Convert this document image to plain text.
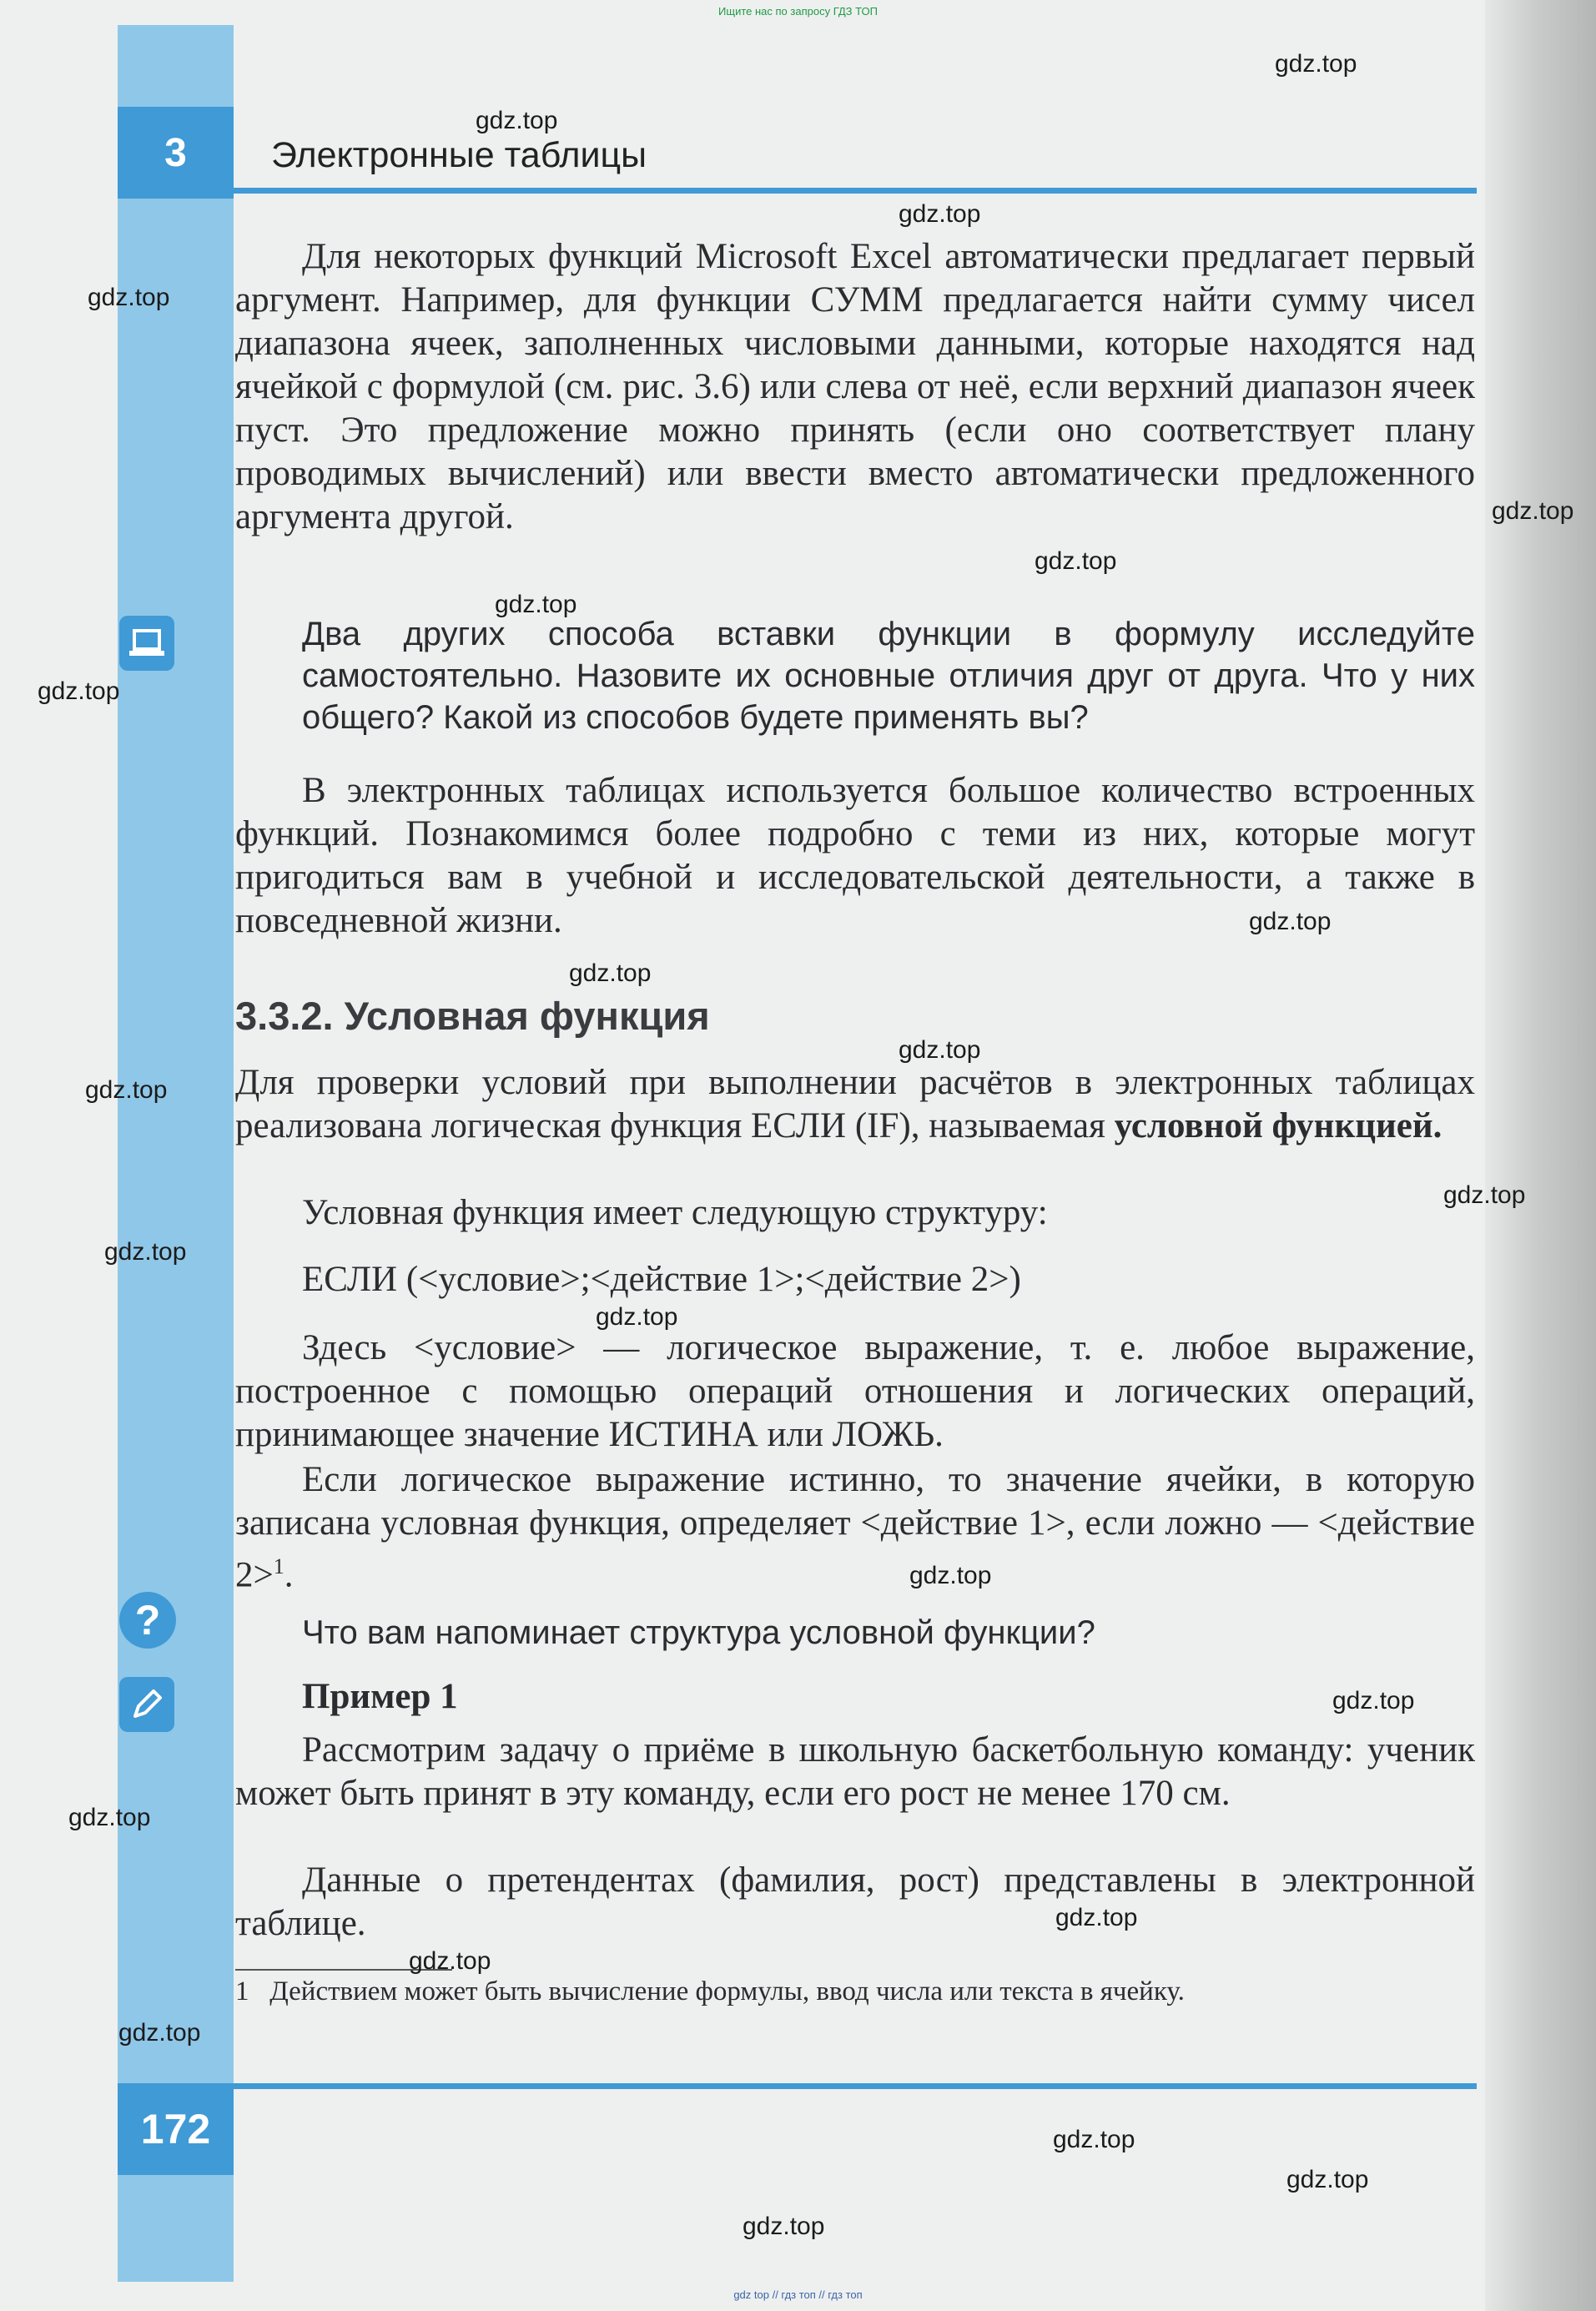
Ищите нас по запросу ГДЗ ТОП
3	Электронные таблицы

Для некоторых функций Microsoft Excel автоматически предлагает первый аргумент. Например, для функции СУММ предлагается найти сумму чисел диапазона ячеек, заполненных числовыми данными, которые находятся над ячейкой с формулой (см. рис. 3.6) или слева от неё, если верхний диапазон ячеек пуст. Это предложение можно принять (если оно соответствует плану проводимых вычислений) или ввести вместо автоматически предложенного аргумента другой.

Два других способа вставки функции в формулу исследуйте самостоятельно. Назовите их основные отличия друг от друга. Что у них общего? Какой из способов будете применять вы?

В электронных таблицах используется большое количество встроенных функций. Познакомимся более подробно с теми из них, которые могут пригодиться вам в учебной и исследовательской деятельности, а также в повседневной жизни.

3.3.2. Условная функция

Для проверки условий при выполнении расчётов в электронных таблицах реализована логическая функция ЕСЛИ (IF), называемая условной функцией.

Условная функция имеет следующую структуру:

ЕСЛИ (<условие>;<действие 1>;<действие 2>)

Здесь <условие> — логическое выражение, т. е. любое выражение, построенное с помощью операций отношения и логических операций, принимающее значение ИСТИНА или ЛОЖЬ.

Если логическое выражение истинно, то значение ячейки, в которую записана условная функция, определяет <действие 1>, если ложно — <действие 2>$^1$.

?	Что вам напоминает структура условной функции?

Пример 1

Рассмотрим задачу о приёме в школьную баскетбольную команду: ученик может быть принят в эту команду, если его рост не менее 170 см.

Данные о претендентах (фамилия, рост) представлены в электронной таблице.

1 Действием может быть вычисление формулы, ввод числа или текста в ячейку.

172
gdz top // гдз топ // гдз топ
gdz.top
gdz.top
gdz.top
gdz.top
gdz.top
gdz.top
gdz.top
gdz.top
gdz.top
gdz.top
gdz.top
gdz.top
gdz.top
gdz.top
gdz.top
gdz.top
gdz.top
gdz.top
gdz.top
gdz.top
gdz.top
gdz.top
gdz.top
gdz.top
